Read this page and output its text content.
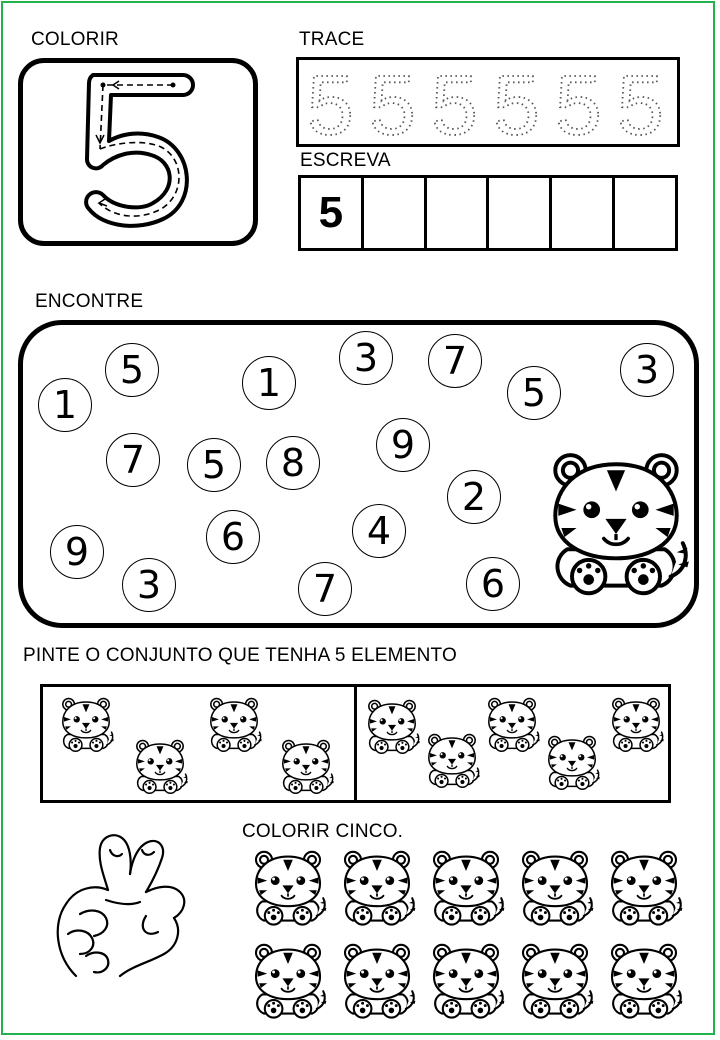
COLORIR	TRACE
ESCREVA
ENCONTRE
PINTE O CONJUNTO QUE TENHA 5 ELEMENTO
COLORIR CINCO.
5 5 5 5 5 5
5
1
5	1
3	7
5
3
7	5	8	9
2
9	6	4
3	7	6
